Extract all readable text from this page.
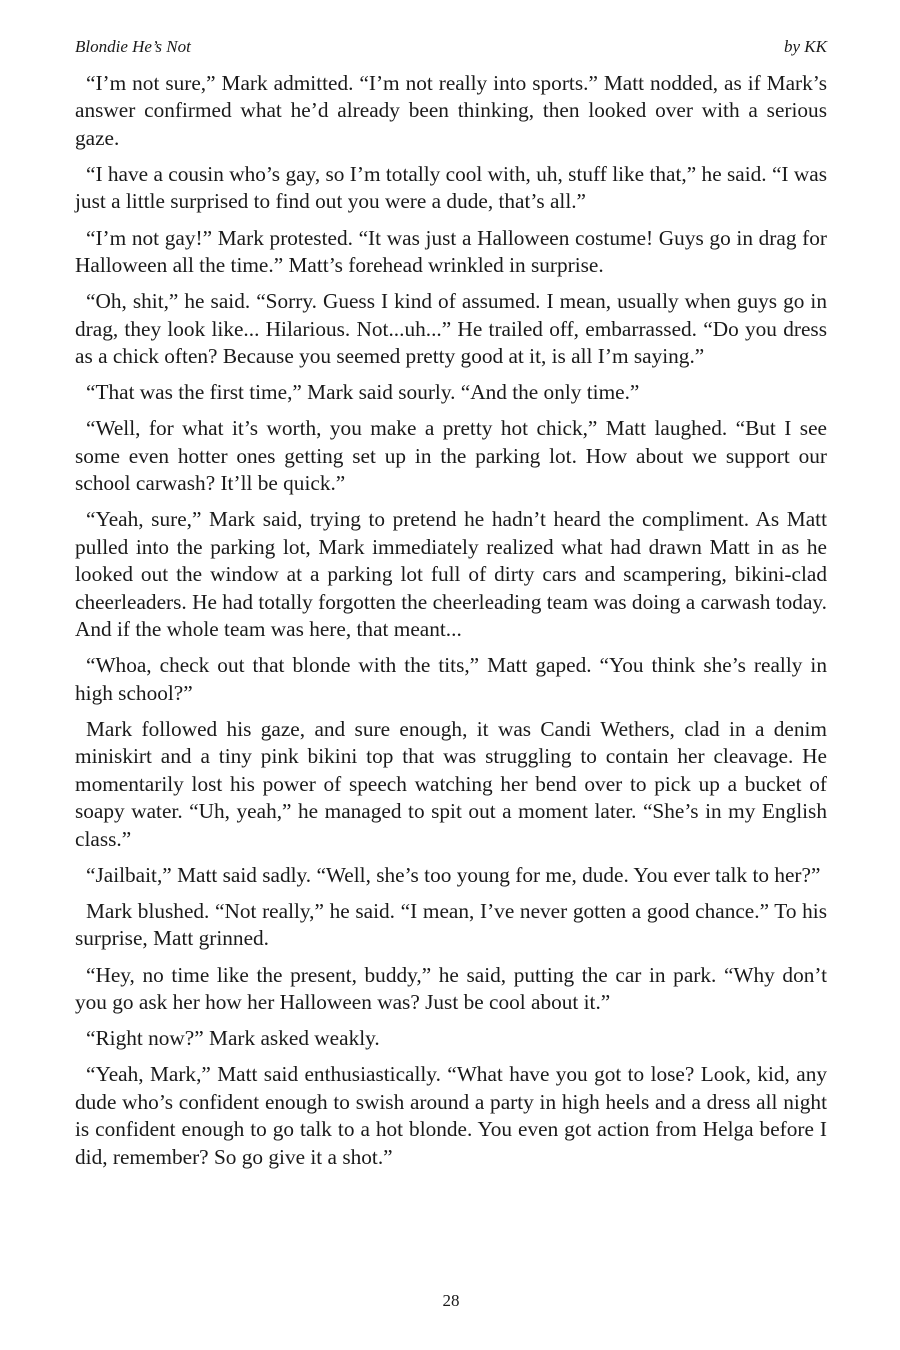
Blondie He’s Not	by KK

“I’m not sure,” Mark admitted. “I’m not really into sports.” Matt nodded, as if Mark’s answer confirmed what he’d already been thinking, then looked over with a serious gaze.

“I have a cousin who’s gay, so I’m totally cool with, uh, stuff like that,” he said. “I was just a little surprised to find out you were a dude, that’s all.”

“I’m not gay!” Mark protested. “It was just a Halloween costume! Guys go in drag for Halloween all the time.” Matt’s forehead wrinkled in surprise.

“Oh, shit,” he said. “Sorry. Guess I kind of assumed. I mean, usually when guys go in drag, they look like... Hilarious. Not...uh...” He trailed off, embarrassed. “Do you dress as a chick often? Because you seemed pretty good at it, is all I’m saying.”

“That was the first time,” Mark said sourly. “And the only time.”

“Well, for what it’s worth, you make a pretty hot chick,” Matt laughed. “But I see some even hotter ones getting set up in the parking lot. How about we support our school carwash? It’ll be quick.”

“Yeah, sure,” Mark said, trying to pretend he hadn’t heard the compliment. As Matt pulled into the parking lot, Mark immediately realized what had drawn Matt in as he looked out the window at a parking lot full of dirty cars and scampering, bikini-clad cheerleaders. He had totally forgotten the cheerleading team was doing a carwash today. And if the whole team was here, that meant...

“Whoa, check out that blonde with the tits,” Matt gaped. “You think she’s really in high school?”

Mark followed his gaze, and sure enough, it was Candi Wethers, clad in a denim miniskirt and a tiny pink bikini top that was struggling to contain her cleavage. He momentarily lost his power of speech watching her bend over to pick up a bucket of soapy water. “Uh, yeah,” he managed to spit out a moment later. “She’s in my English class.”

“Jailbait,” Matt said sadly. “Well, she’s too young for me, dude. You ever talk to her?”

Mark blushed. “Not really,” he said. “I mean, I’ve never gotten a good chance.” To his surprise, Matt grinned.

“Hey, no time like the present, buddy,” he said, putting the car in park. “Why don’t you go ask her how her Halloween was? Just be cool about it.”

“Right now?” Mark asked weakly.

“Yeah, Mark,” Matt said enthusiastically. “What have you got to lose? Look, kid, any dude who’s confident enough to swish around a party in high heels and a dress all night is confident enough to go talk to a hot blonde. You even got action from Helga before I did, remember? So go give it a shot.”

28
